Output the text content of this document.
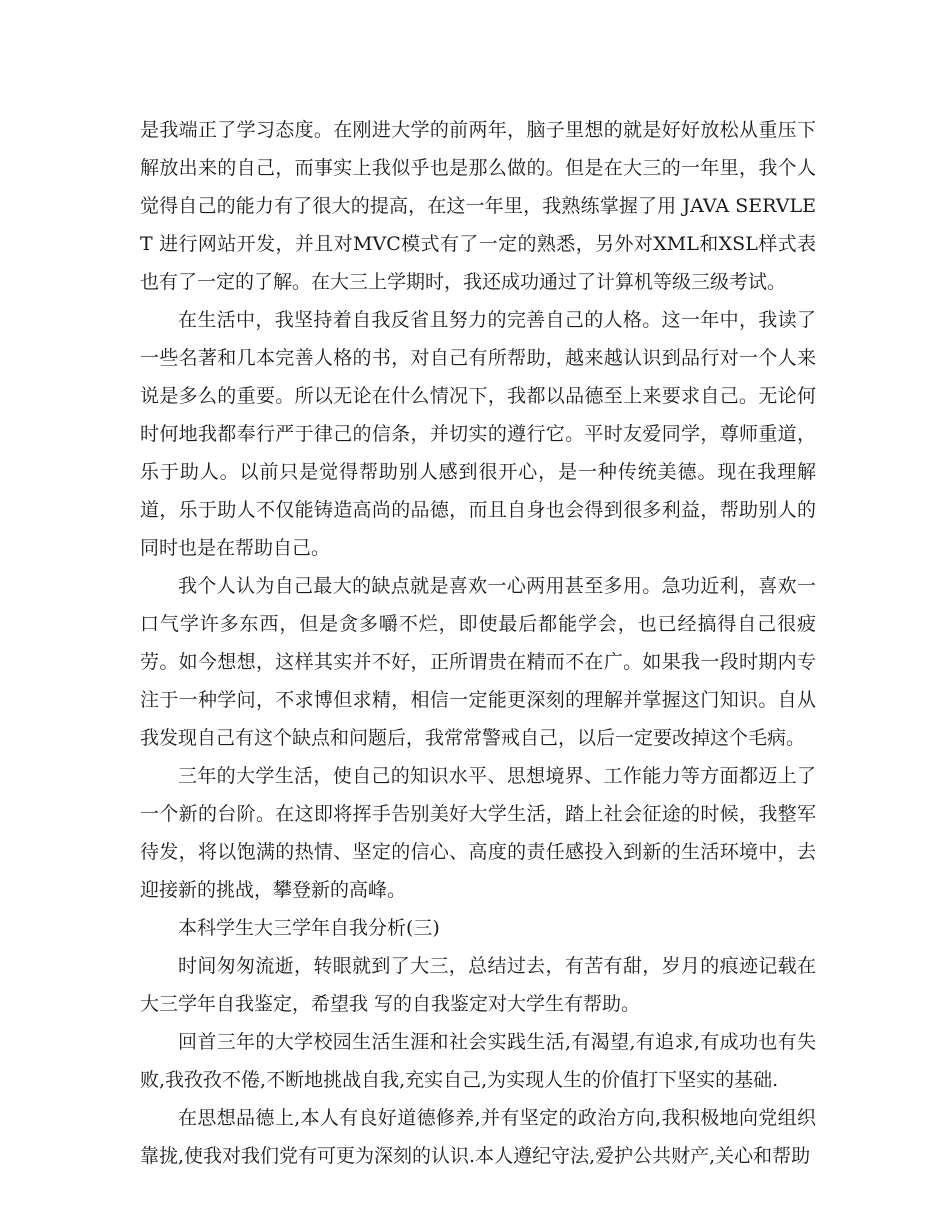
是我端正了学习态度。在刚进大学的前两年，脑子里想的就是好好放松从重压下解放出来的自己，而事实上我似乎也是那么做的。但是在大三的一年里，我个人觉得自己的能力有了很大的提高，在这一年里，我熟练掌握了用 JAVA SERVLET 进行网站开发，并且对MVC模式有了一定的熟悉，另外对XML和XSL样式表也有了一定的了解。在大三上学期时，我还成功通过了计算机等级三级考试。

在生活中，我坚持着自我反省且努力的完善自己的人格。这一年中，我读了一些名著和几本完善人格的书，对自己有所帮助，越来越认识到品行对一个人来说是多么的重要。所以无论在什么情况下，我都以品德至上来要求自己。无论何时何地我都奉行严于律己的信条，并切实的遵行它。平时友爱同学，尊师重道，乐于助人。以前只是觉得帮助别人感到很开心，是一种传统美德。现在我理解道，乐于助人不仅能铸造高尚的品德，而且自身也会得到很多利益，帮助别人的同时也是在帮助自己。

我个人认为自己最大的缺点就是喜欢一心两用甚至多用。急功近利，喜欢一口气学许多东西，但是贪多嚼不烂，即使最后都能学会，也已经搞得自己很疲劳。如今想想，这样其实并不好，正所谓贵在精而不在广。如果我一段时期内专注于一种学问，不求博但求精，相信一定能更深刻的理解并掌握这门知识。自从我发现自己有这个缺点和问题后，我常常警戒自己，以后一定要改掉这个毛病。

三年的大学生活，使自己的知识水平、思想境界、工作能力等方面都迈上了一个新的台阶。在这即将挥手告别美好大学生活，踏上社会征途的时候，我整军待发，将以饱满的热情、坚定的信心、高度的责任感投入到新的生活环境中，去迎接新的挑战，攀登新的高峰。

本科学生大三学年自我分析(三)

时间匆匆流逝，转眼就到了大三，总结过去，有苦有甜，岁月的痕迹记载在大三学年自我鉴定，希望我 写的自我鉴定对大学生有帮助。

回首三年的大学校园生活生涯和社会实践生活,有渴望,有追求,有成功也有失败,我孜孜不倦,不断地挑战自我,充实自己,为实现人生的价值打下坚实的基础.

在思想品德上,本人有良好道德修养,并有坚定的政治方向,我积极地向党组织靠拢,使我对我们党有可更为深刻的认识.本人遵纪守法,爱护公共财产,关心和帮助
